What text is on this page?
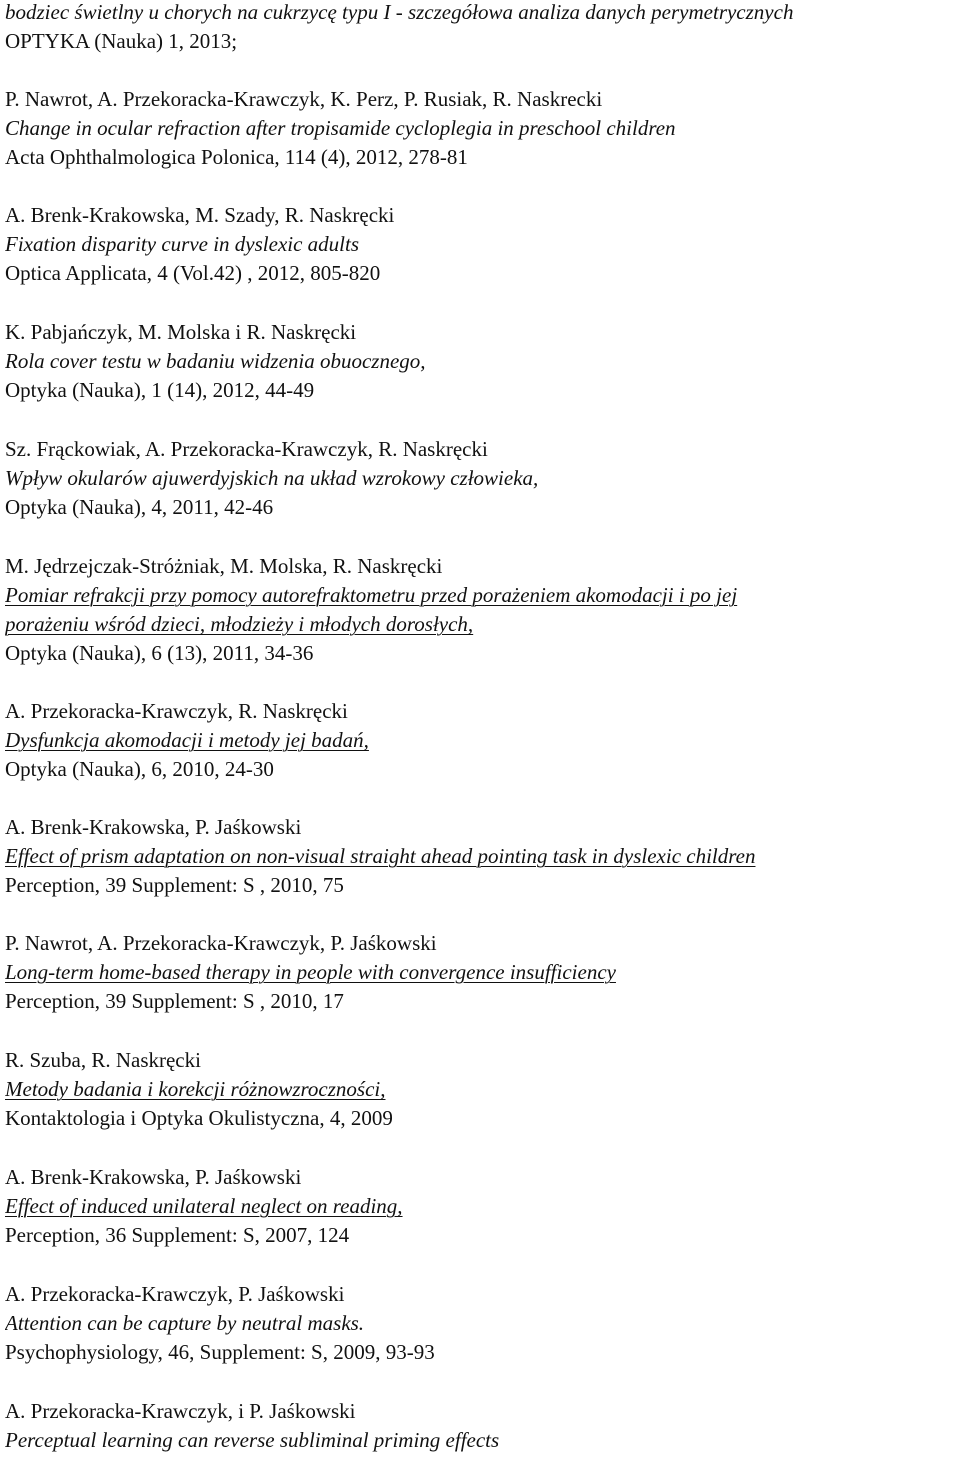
bodziec świetlny u chorych na cukrzycę typu I - szczegółowa analiza danych perymetrycznych
OPTYKA (Nauka) 1, 2013;
P. Nawrot, A. Przekoracka-Krawczyk, K. Perz, P. Rusiak, R. Naskrecki
Change in ocular refraction after tropisamide cycloplegia in preschool children
Acta Ophthalmologica Polonica, 114 (4), 2012, 278-81
A. Brenk-Krakowska, M. Szady, R. Naskręcki
Fixation disparity curve in dyslexic adults
Optica Applicata, 4 (Vol.42) , 2012, 805-820
K. Pabjańczyk, M. Molska i R. Naskręcki
Rola cover testu w badaniu widzenia obuocznego,
Optyka (Nauka), 1 (14), 2012, 44-49
Sz. Frąckowiak, A. Przekoracka-Krawczyk, R. Naskręcki
Wpływ okularów ajuwerdyjskich na układ wzrokowy człowieka,
Optyka (Nauka), 4, 2011, 42-46
M. Jędrzejczak-Stróżniak, M. Molska, R. Naskręcki
Pomiar refrakcji przy pomocy autorefraktometru przed porażeniem akomodacji i po jej
porażeniu wśród dzieci, młodzieży i młodych dorosłych,
Optyka (Nauka), 6 (13), 2011, 34-36
A. Przekoracka-Krawczyk, R. Naskręcki
Dysfunkcja akomodacji i metody jej badań,
Optyka (Nauka), 6, 2010, 24-30
A. Brenk-Krakowska, P. Jaśkowski
Effect of prism adaptation on non-visual straight ahead pointing task in dyslexic children
Perception, 39 Supplement: S , 2010, 75
P. Nawrot, A. Przekoracka-Krawczyk, P. Jaśkowski
Long-term home-based therapy in people with convergence insufficiency
Perception, 39 Supplement: S , 2010, 17
R. Szuba, R. Naskręcki
Metody badania i korekcji różnowzroczności,
Kontaktologia i Optyka Okulistyczna, 4, 2009
A. Brenk-Krakowska, P. Jaśkowski
Effect of induced unilateral neglect on reading,
Perception, 36 Supplement: S, 2007, 124
A. Przekoracka-Krawczyk, P. Jaśkowski
Attention can be capture by neutral masks.
Psychophysiology, 46, Supplement: S, 2009, 93-93
A. Przekoracka-Krawczyk, i P. Jaśkowski
Perceptual learning can reverse subliminal priming effects
